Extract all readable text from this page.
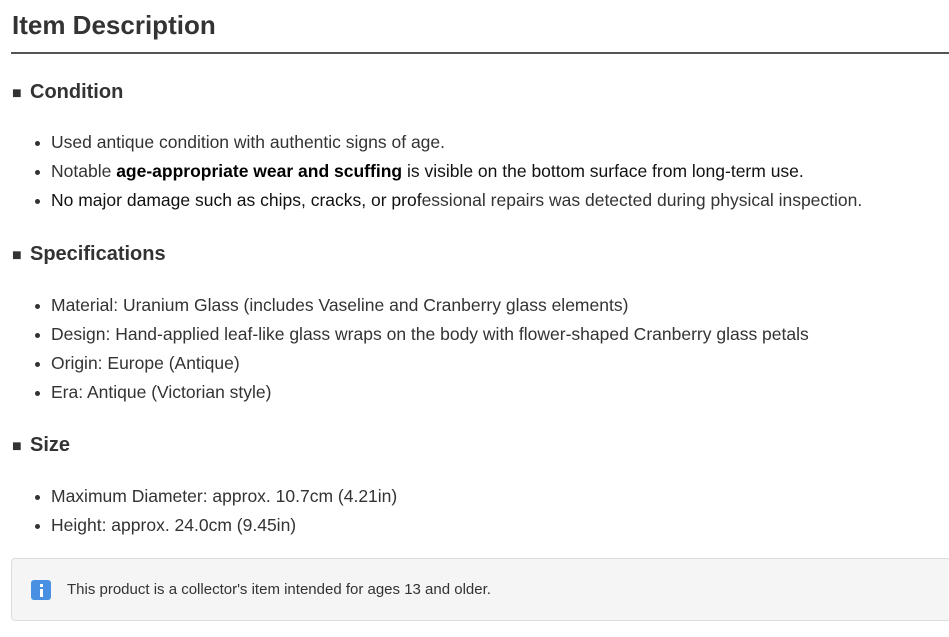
Item Description
■ Condition
Used antique condition with authentic signs of age.
Notable age-appropriate wear and scuffing is visible on the bottom surface from long-term use.
No major damage such as chips, cracks, or professional repairs was detected during physical inspection.
■ Specifications
Material: Uranium Glass (includes Vaseline and Cranberry glass elements)
Design: Hand-applied leaf-like glass wraps on the body with flower-shaped Cranberry glass petals
Origin: Europe (Antique)
Era: Antique (Victorian style)
■ Size
Maximum Diameter: approx. 10.7cm (4.21in)
Height: approx. 24.0cm (9.45in)
This product is a collector's item intended for ages 13 and older.
